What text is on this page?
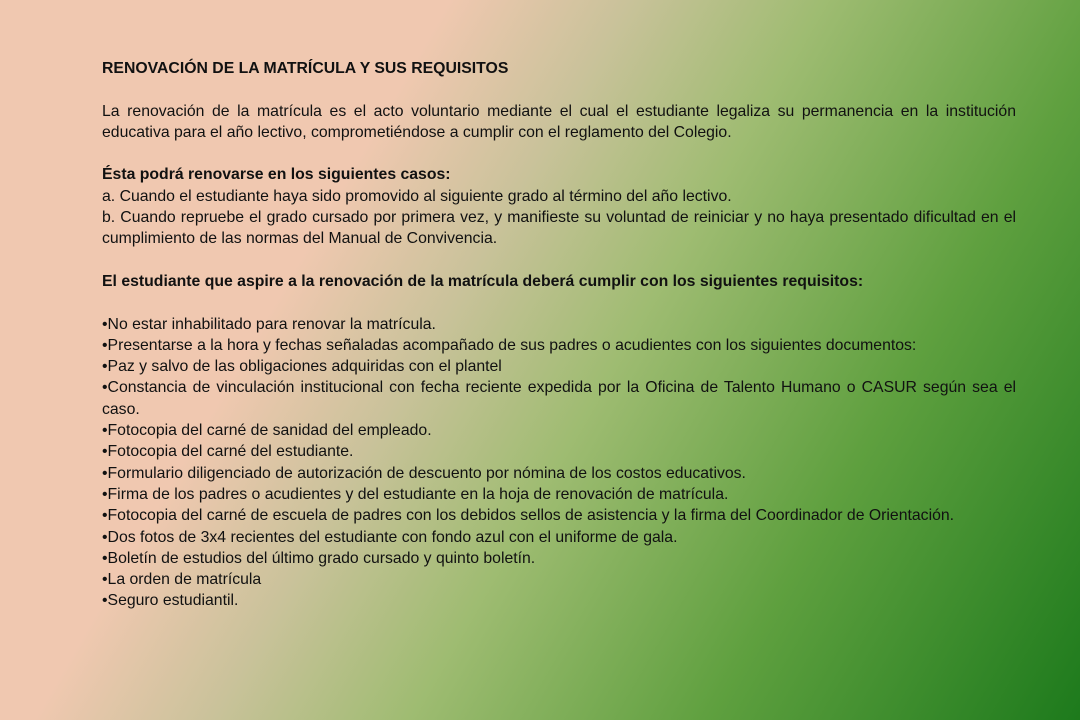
RENOVACIÓN DE LA MATRÍCULA Y SUS REQUISITOS

La renovación de la matrícula es el acto voluntario mediante el cual el estudiante legaliza su permanencia en la institución educativa para el año lectivo, comprometiéndose a cumplir con el reglamento del Colegio.

Ésta podrá renovarse en los siguientes casos:

a. Cuando el estudiante haya sido promovido al siguiente grado al término del año lectivo.

b. Cuando repruebe el grado cursado por primera vez, y manifieste su voluntad de reiniciar y no haya presentado dificultad en el cumplimiento de las normas del Manual de Convivencia.

El estudiante que aspire a la renovación de la matrícula deberá cumplir con los siguientes requisitos:

•No estar inhabilitado para renovar la matrícula.
•Presentarse a la hora y fechas señaladas acompañado de sus padres o acudientes con los siguientes documentos:
•Paz y salvo de las obligaciones adquiridas con el plantel
•Constancia de vinculación institucional con fecha reciente expedida por la Oficina de Talento Humano o CASUR según sea el caso.
•Fotocopia del carné de sanidad del empleado.
•Fotocopia del carné del estudiante.
•Formulario diligenciado de autorización de descuento por nómina de los costos educativos.
•Firma de los padres o acudientes y del estudiante en la hoja de renovación de matrícula.
•Fotocopia del carné de escuela de padres con los debidos sellos de asistencia y la firma del Coordinador de Orientación.
•Dos fotos de 3x4 recientes del estudiante con fondo azul con el uniforme de gala.
•Boletín de estudios del último grado cursado y quinto boletín.
•La orden de matrícula
•Seguro estudiantil.
